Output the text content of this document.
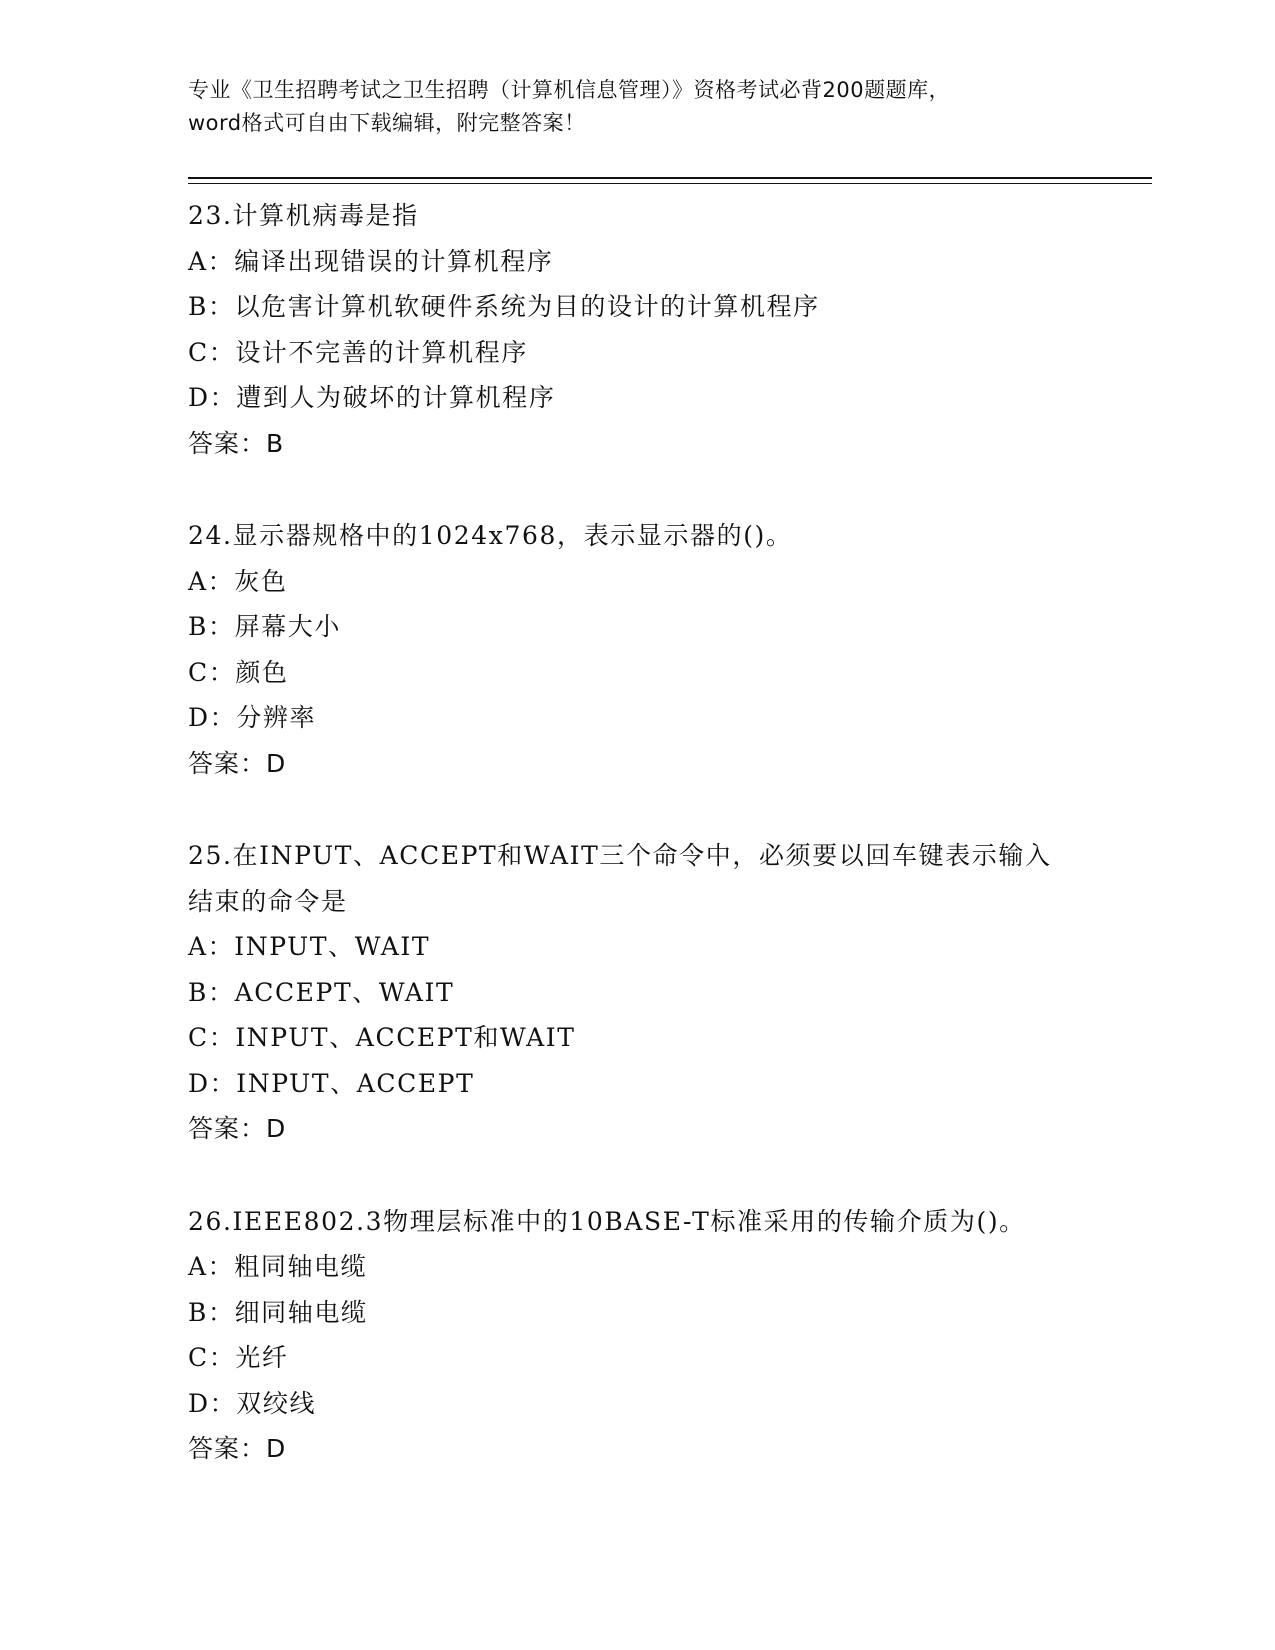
专业《卫生招聘考试之卫生招聘（计算机信息管理）》资格考试必背200题题库，
word格式可自由下载编辑，附完整答案！
23.计算机病毒是指
A：编译出现错误的计算机程序
B：以危害计算机软硬件系统为目的设计的计算机程序
C：设计不完善的计算机程序
D：遭到人为破坏的计算机程序
答案：B
24.显示器规格中的1024x768，表示显示器的()。
A：灰色
B：屏幕大小
C：颜色
D：分辨率
答案：D
25.在INPUT、ACCEPT和WAIT三个命令中，必须要以回车键表示输入
结束的命令是
A：INPUT、WAIT
B：ACCEPT、WAIT
C：INPUT、ACCEPT和WAIT
D：INPUT、ACCEPT
答案：D
26.IEEE802.3物理层标准中的10BASE-T标准采用的传输介质为()。
A：粗同轴电缆
B：细同轴电缆
C：光纤
D：双绞线
答案：D
